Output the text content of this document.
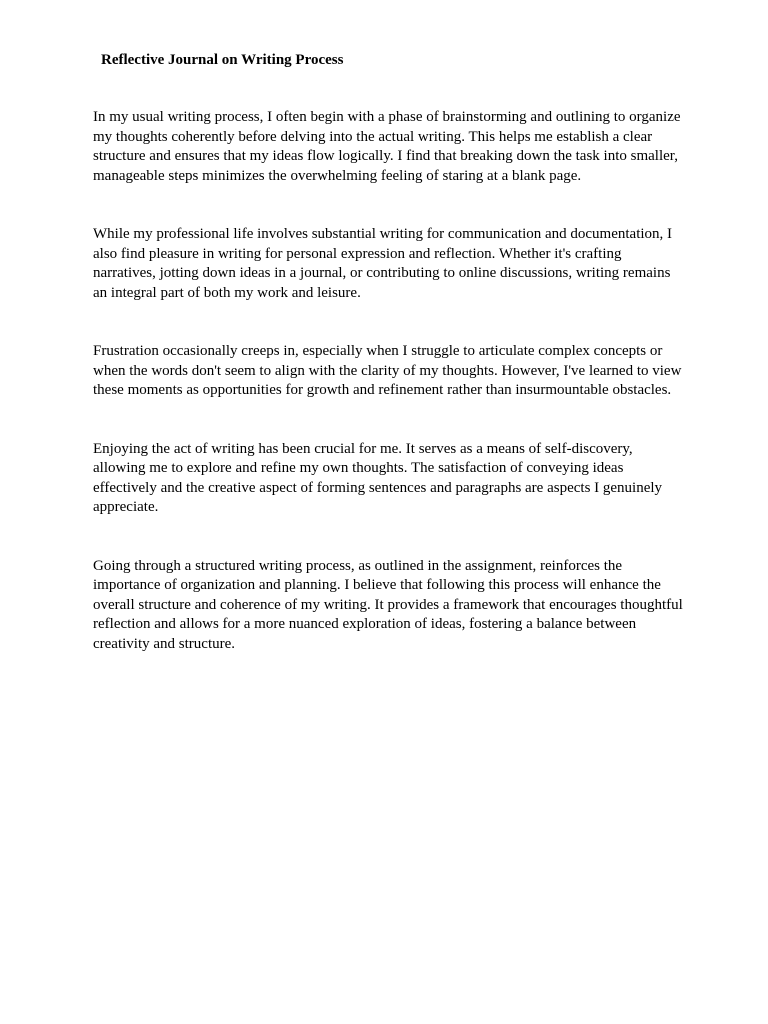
Reflective Journal on Writing Process

In my usual writing process, I often begin with a phase of brainstorming and outlining to organize my thoughts coherently before delving into the actual writing. This helps me establish a clear structure and ensures that my ideas flow logically. I find that breaking down the task into smaller, manageable steps minimizes the overwhelming feeling of staring at a blank page.

While my professional life involves substantial writing for communication and documentation, I also find pleasure in writing for personal expression and reflection. Whether it's crafting narratives, jotting down ideas in a journal, or contributing to online discussions, writing remains an integral part of both my work and leisure.

Frustration occasionally creeps in, especially when I struggle to articulate complex concepts or when the words don't seem to align with the clarity of my thoughts. However, I've learned to view these moments as opportunities for growth and refinement rather than insurmountable obstacles.

Enjoying the act of writing has been crucial for me. It serves as a means of self-discovery, allowing me to explore and refine my own thoughts. The satisfaction of conveying ideas effectively and the creative aspect of forming sentences and paragraphs are aspects I genuinely appreciate.

Going through a structured writing process, as outlined in the assignment, reinforces the importance of organization and planning. I believe that following this process will enhance the overall structure and coherence of my writing. It provides a framework that encourages thoughtful reflection and allows for a more nuanced exploration of ideas, fostering a balance between creativity and structure.
